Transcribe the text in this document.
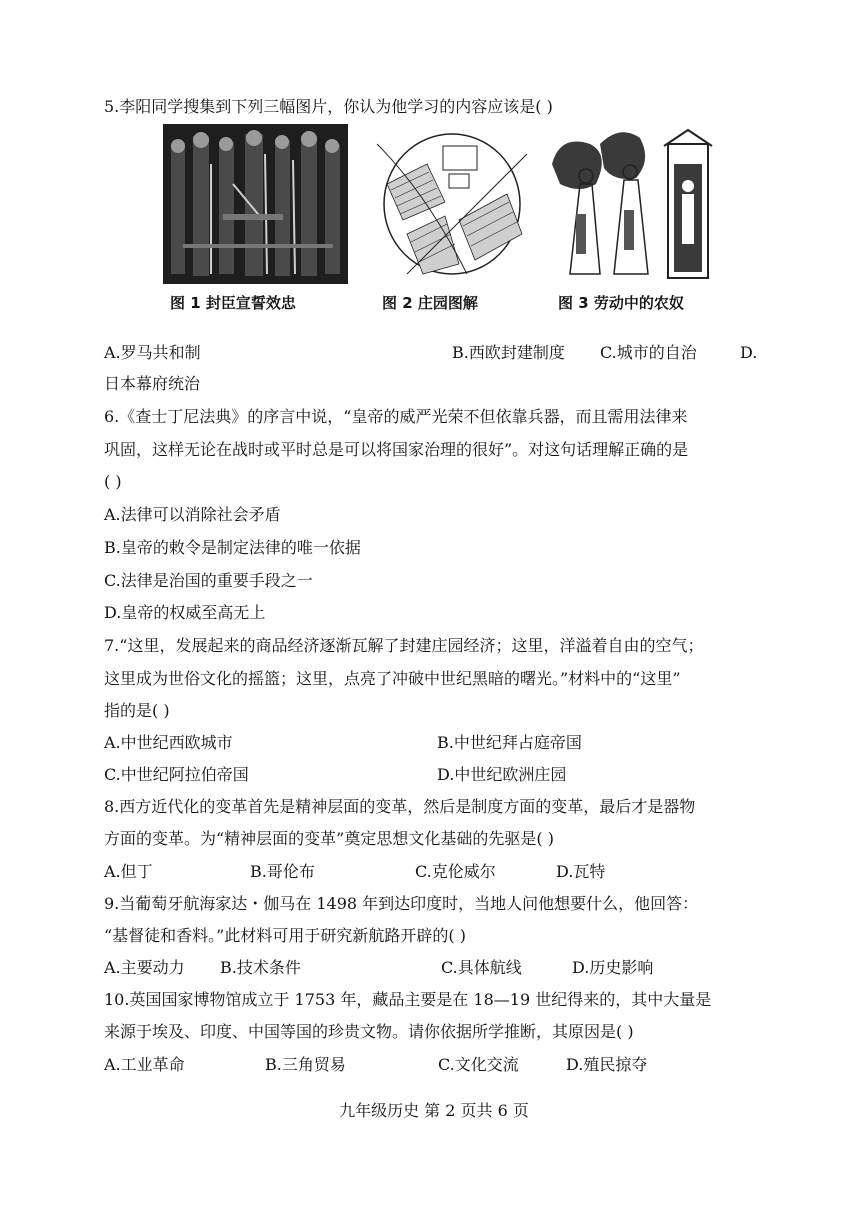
5.李阳同学搜集到下列三幅图片，你认为他学习的内容应该是( )
图 1 封臣宣誓效忠	图 2 庄园图解	图 3 劳动中的农奴
A.罗马共和制	B.西欧封建制度 C.城市的自治	D.
日本幕府统治
6.《查士丁尼法典》的序言中说，“皇帝的威严光荣不但依靠兵器，而且需用法律来
巩固，这样无论在战时或平时总是可以将国家治理的很好”。对这句话理解正确的是
( )
A.法律可以消除社会矛盾
B.皇帝的敕令是制定法律的唯一依据
C.法律是治国的重要手段之一
D.皇帝的权威至高无上
7.“这里，发展起来的商品经济逐渐瓦解了封建庄园经济；这里，洋溢着自由的空气；
这里成为世俗文化的摇篮；这里，点亮了冲破中世纪黑暗的曙光。”材料中的“这里”
指的是( )
A.中世纪西欧城市	B.中世纪拜占庭帝国
C.中世纪阿拉伯帝国	D.中世纪欧洲庄园
8.西方近代化的变革首先是精神层面的变革，然后是制度方面的变革，最后才是器物
方面的变革。为“精神层面的变革”奠定思想文化基础的先驱是( )
A.但丁	B.哥伦布	C.克伦威尔	D.瓦特
9.当葡萄牙航海家达・伽马在 1498 年到达印度时，当地人问他想要什么，他回答：
“基督徒和香料。”此材料可用于研究新航路开辟的( )
A.主要动力 B.技术条件	C.具体航线	D.历史影响
10.英国国家博物馆成立于 1753 年，藏品主要是在 18—19 世纪得来的，其中大量是
来源于埃及、印度、中国等国的珍贵文物。请你依据所学推断，其原因是( )
A.工业革命	B.三角贸易	C.文化交流	D.殖民掠夺
九年级历史 第 2 页共 6 页
